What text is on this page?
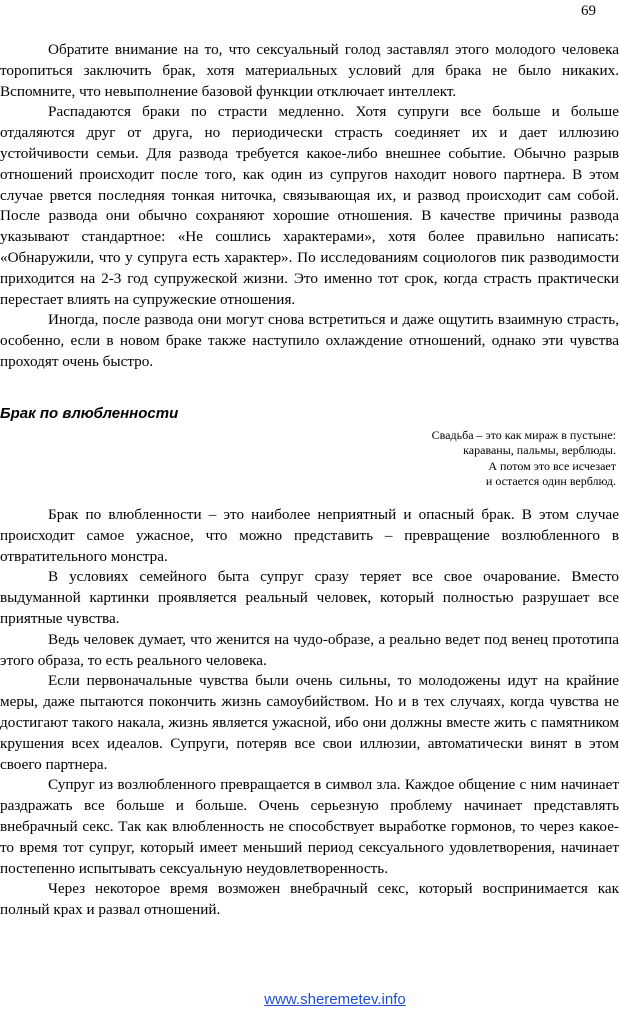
69

Обратите внимание на то, что сексуальный голод заставлял этого молодого человека торопиться заключить брак, хотя материальных условий для брака не было никаких. Вспомните, что невыполнение базовой функции отключает интеллект.

Распадаются браки по страсти медленно. Хотя супруги все больше и больше отдаляются друг от друга, но периодически страсть соединяет их и дает иллюзию устойчивости семьи. Для развода требуется какое-либо внешнее событие. Обычно разрыв отношений происходит после того, как один из супругов находит нового партнера. В этом случае рвется последняя тонкая ниточка, связывающая их, и развод происходит сам собой. После развода они обычно сохраняют хорошие отношения. В качестве причины развода указывают стандартное: «Не сошлись характерами», хотя более правильно написать: «Обнаружили, что у супруга есть характер». По исследованиям социологов пик разводимости приходится на 2-3 год супружеской жизни. Это именно тот срок, когда страсть практически перестает влиять на супружеские отношения.

Иногда, после развода они могут снова встретиться и даже ощутить взаимную страсть, особенно, если в новом браке также наступило охлаждение отношений, однако эти чувства проходят очень быстро.

Брак по влюбленности
Свадьба – это как мираж в пустыне:
караваны, пальмы, верблюды.
А потом это все исчезает
и остается один верблюд.

Брак по влюбленности – это наиболее неприятный и опасный брак. В этом случае происходит самое ужасное, что можно представить – превращение возлюбленного в отвратительного монстра.

В условиях семейного быта супруг сразу теряет все свое очарование. Вместо выдуманной картинки проявляется реальный человек, который полностью разрушает все приятные чувства.

Ведь человек думает, что женится на чудо-образе, а реально ведет под венец прототипа этого образа, то есть реального человека.

Если первоначальные чувства были очень сильны, то молодожены идут на крайние меры, даже пытаются покончить жизнь самоубийством. Но и в тех случаях, когда чувства не достигают такого накала, жизнь является ужасной, ибо они должны вместе жить с памятником крушения всех идеалов. Супруги, потеряв все свои иллюзии, автоматически винят в этом своего партнера.

Супруг из возлюбленного превращается в символ зла. Каждое общение с ним начинает раздражать все больше и больше. Очень серьезную проблему начинает представлять внебрачный секс. Так как влюбленность не способствует выработке гормонов, то через какое-то время тот супруг, который имеет меньший период сексуального удовлетворения, начинает постепенно испытывать сексуальную неудовлетворенность.

Через некоторое время возможен внебрачный секс, который воспринимается как полный крах и развал отношений.

www.sheremetev.info
